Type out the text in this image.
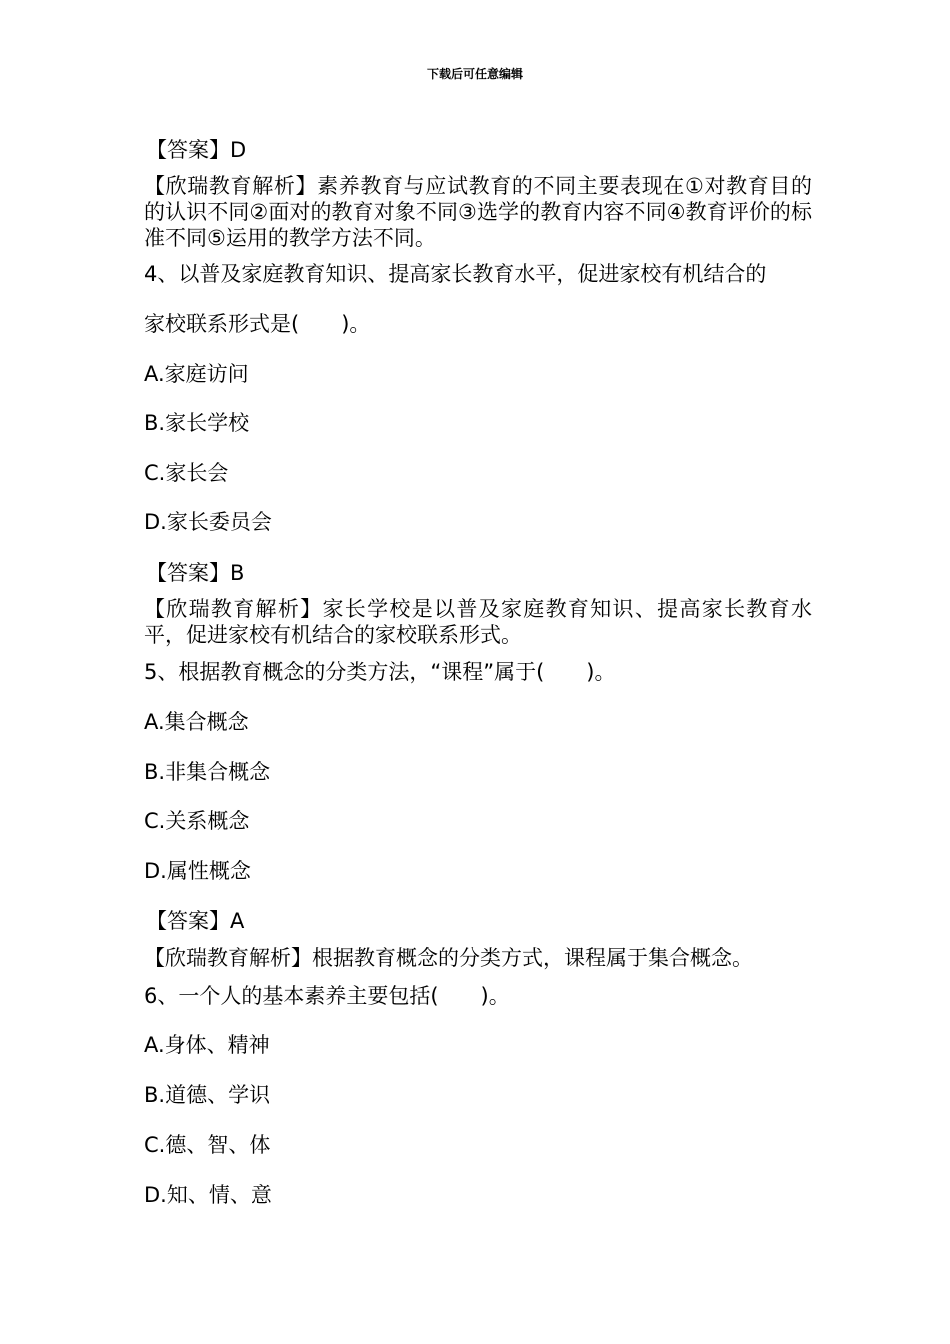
下载后可任意编辑
【答案】D
【欣瑞教育解析】素养教育与应试教育的不同主要表现在①对教育目的的认识不同②面对的教育对象不同③选学的教育内容不同④教育评价的标准不同⑤运用的教学方法不同。
4、以普及家庭教育知识、提高家长教育水平，促进家校有机结合的
家校联系形式是(　　)。
A.家庭访问
B.家长学校
C.家长会
D.家长委员会
【答案】B
【欣瑞教育解析】家长学校是以普及家庭教育知识、提高家长教育水平，促进家校有机结合的家校联系形式。
5、根据教育概念的分类方法，“课程”属于(　　)。
A.集合概念
B.非集合概念
C.关系概念
D.属性概念
【答案】A
【欣瑞教育解析】根据教育概念的分类方式，课程属于集合概念。
6、一个人的基本素养主要包括(　　)。
A.身体、精神
B.道德、学识
C.德、智、体
D.知、情、意
